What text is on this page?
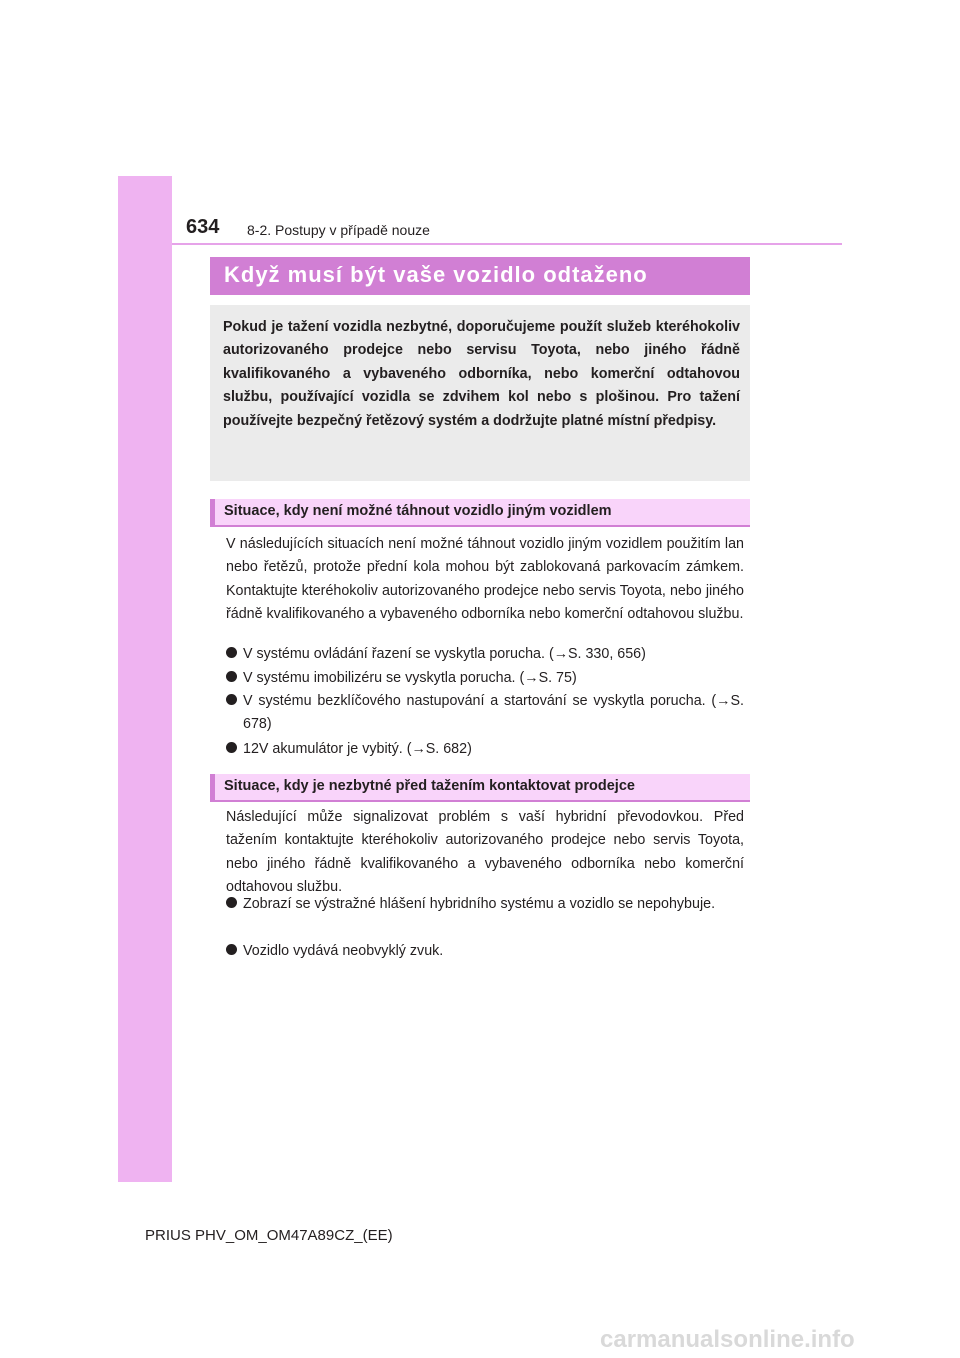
634 8-2. Postupy v případě nouze
Když musí být vaše vozidlo odtaženo

Pokud je tažení vozidla nezbytné, doporučujeme použít služeb kteréhokoliv autorizovaného prodejce nebo servisu Toyota, nebo jiného řádně kvalifikovaného a vybaveného odborníka, nebo komerční odtahovou službu, používající vozidla se zdvihem kol nebo s plošinou. Pro tažení používejte bezpečný řetězový systém a dodržujte platné místní předpisy.

Situace, kdy není možné táhnout vozidlo jiným vozidlem

V následujících situacích není možné táhnout vozidlo jiným vozidlem použitím lan nebo řetězů, protože přední kola mohou být zablokovaná parkovacím zámkem. Kontaktujte kteréhokoliv autorizovaného prodejce nebo servis Toyota, nebo jiného řádně kvalifikovaného a vybaveného odborníka nebo komerční odtahovou službu.

V systému ovládání řazení se vyskytla porucha. (→S. 330, 656)
V systému imobilizéru se vyskytla porucha. (→S. 75)
V systému bezklíčového nastupování a startování se vyskytla porucha. (→S. 678)
12V akumulátor je vybitý. (→S. 682)
Situace, kdy je nezbytné před tažením kontaktovat prodejce

Následující může signalizovat problém s vaší hybridní převodovkou. Před tažením kontaktujte kteréhokoliv autorizovaného prodejce nebo servis Toyota, nebo jiného řádně kvalifikovaného a vybaveného odborníka nebo komerční odtahovou službu.

Zobrazí se výstražné hlášení hybridního systému a vozidlo se nepohybuje.
Vozidlo vydává neobvyklý zvuk.
PRIUS PHV_OM_OM47A89CZ_(EE)
carmanualsonline.info
